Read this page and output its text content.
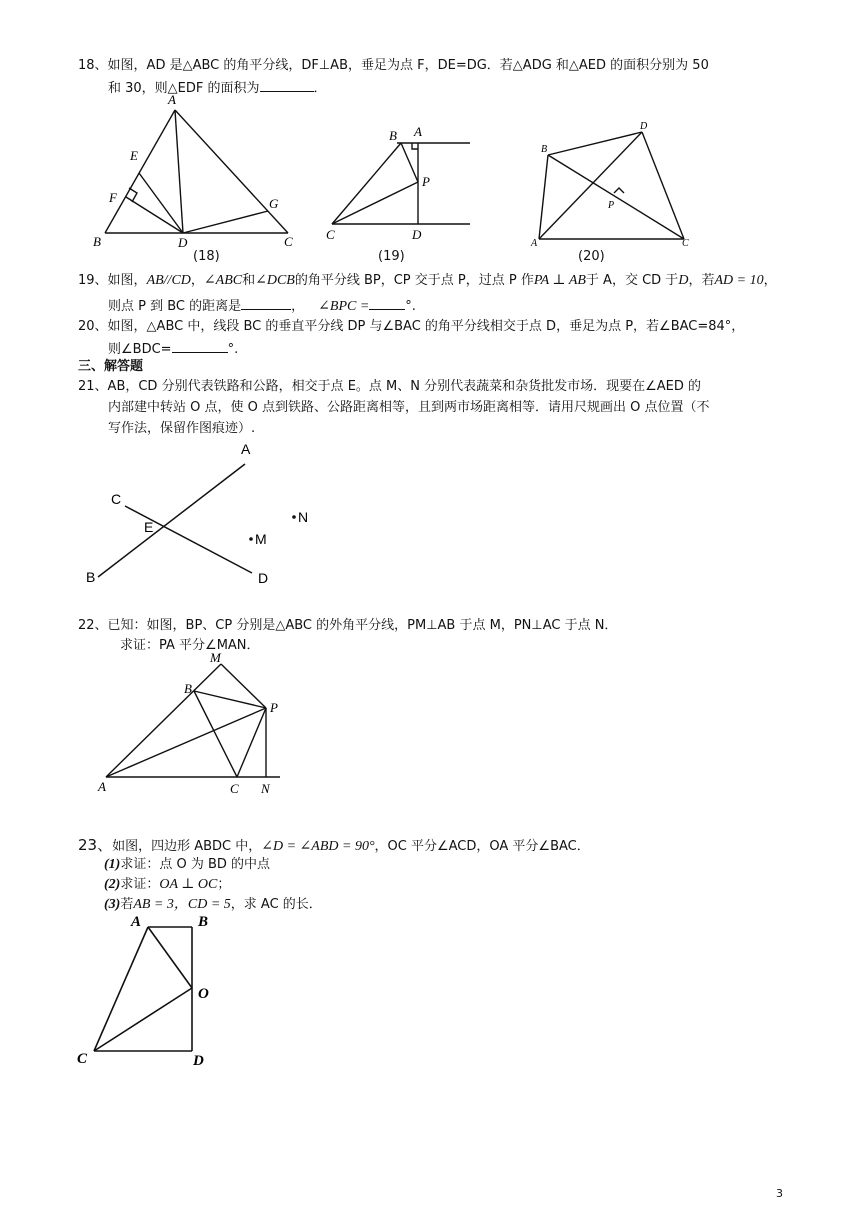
18、如图，AD 是△ABC 的角平分线，DF⊥AB，垂足为点 F，DE=DG．若△ADG 和△AED 的面积分别为 50
和 30，则△EDF 的面积为	．
A
E
F	G
B	D	C
(18)
B A
P
C	D
(19)
D
B
P
A	C
(20)
19、如图，AB//CD，∠ABC和∠DCB的角平分线 BP，CP 交于点 P，过点 P 作PA ⊥ AB于 A，交 CD 于D，若AD = 10，
则点 P 到 BC 的距离是	， ∠BPC =	°.
20、如图，△ABC 中，线段 BC 的垂直平分线 DP 与∠BAC 的角平分线相交于点 D，垂足为点 P，若∠BAC=84°，
则∠BDC=	°.
三、解答题
21、AB，CD 分别代表铁路和公路，相交于点 E。点 M、N 分别代表蔬菜和杂货批发市场．现要在∠AED 的
内部建中转站 O 点，使 O 点到铁路、公路距离相等，且到两市场距离相等．请用尺规画出 O 点位置（不
写作法，保留作图痕迹）.
A
C
E
N
M
B	D
22、已知：如图，BP、CP 分别是△ABC 的外角平分线，PM⊥AB 于点 M，PN⊥AC 于点 N．
求证：PA 平分∠MAN．
M
B
P
A	C N
23、如图，四边形 ABDC 中，∠D = ∠ABD = 90°，OC 平分∠ACD，OA 平分∠BAC．
(1)求证：点 O 为 BD 的中点
(2)求证：OA ⊥ OC；
(3)若AB = 3，CD = 5，求 AC 的长．
A	B
O
C	D
3
